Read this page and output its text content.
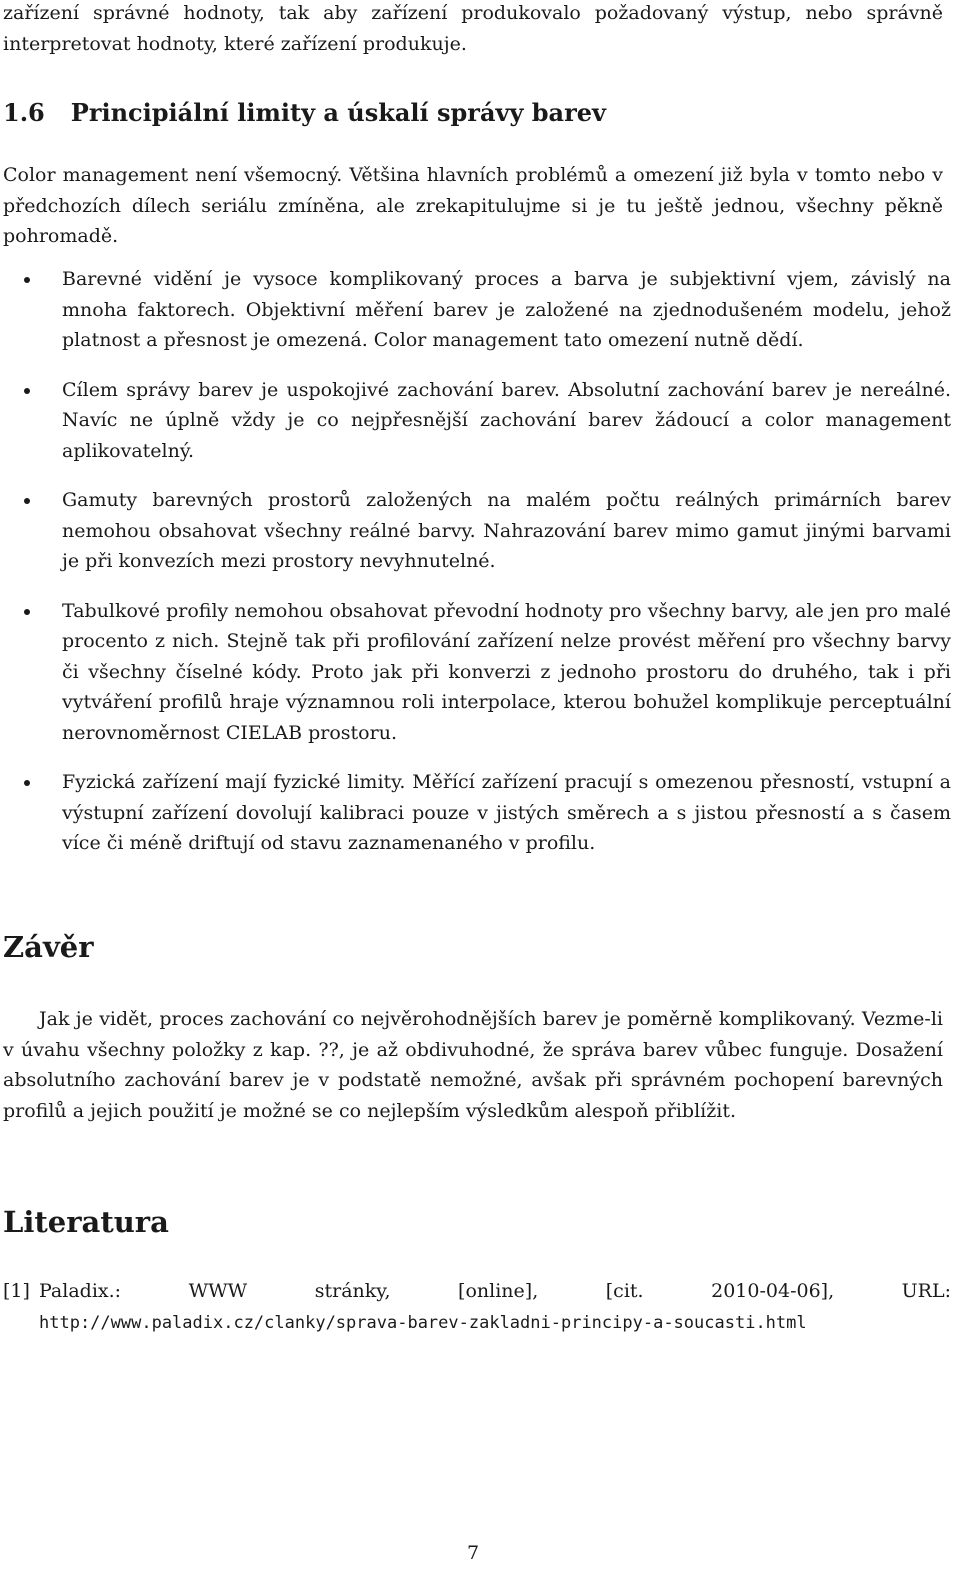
zařízení správné hodnoty, tak aby zařízení produkovalo požadovaný výstup, nebo správně interpretovat hodnoty, které zařízení produkuje.

1.6 Principiální limity a úskalí správy barev

Color management není všemocný. Většina hlavních problémů a omezení již byla v tomto nebo v předchozích dílech seriálu zmíněna, ale zrekapitulujme si je tu ještě jednou, všechny pěkně pohromadě.

Barevné vidění je vysoce komplikovaný proces a barva je subjektivní vjem, závislý na mnoha faktorech. Objektivní měření barev je založené na zjednodušeném modelu, jehož platnost a přesnost je omezená. Color management tato omezení nutně dědí.
Cílem správy barev je uspokojivé zachování barev. Absolutní zachování barev je nereálné. Navíc ne úplně vždy je co nejpřesnější zachování barev žádoucí a color management aplikovatelný.
Gamuty barevných prostorů založených na malém počtu reálných primárních barev nemohou obsahovat všechny reálné barvy. Nahrazování barev mimo gamut jinými barvami je při konvezích mezi prostory nevyhnutelné.
Tabulkové profily nemohou obsahovat převodní hodnoty pro všechny barvy, ale jen pro malé procento z nich. Stejně tak při profilování zařízení nelze provést měření pro všechny barvy či všechny číselné kódy. Proto jak při konverzi z jednoho prostoru do druhého, tak i při vytváření profilů hraje významnou roli interpolace, kterou bohužel komplikuje perceptuální nerovnoměrnost CIELAB prostoru.
Fyzická zařízení mají fyzické limity. Měřící zařízení pracují s omezenou přesností, vstupní a výstupní zařízení dovolují kalibraci pouze v jistých směrech a s jistou přesností a s časem více či méně driftují od stavu zaznamenaného v profilu.
Závěr

Jak je vidět, proces zachování co nejvěrohodnějších barev je poměrně komplikovaný. Vezme-li v úvahu všechny položky z kap. ??, je až obdivuhodné, že správa barev vůbec funguje. Dosažení absolutního zachování barev je v podstatě nemožné, avšak při správném pochopení barevných profilů a jejich použití je možné se co nejlepším výsledkům alespoň přiblížit.

Literatura
[1] Paladix.: WWW stránky, [online], [cit. 2010-04-06], URL: http://www.paladix.cz/clanky/sprava-barev-zakladni-principy-a-soucasti.html
7
